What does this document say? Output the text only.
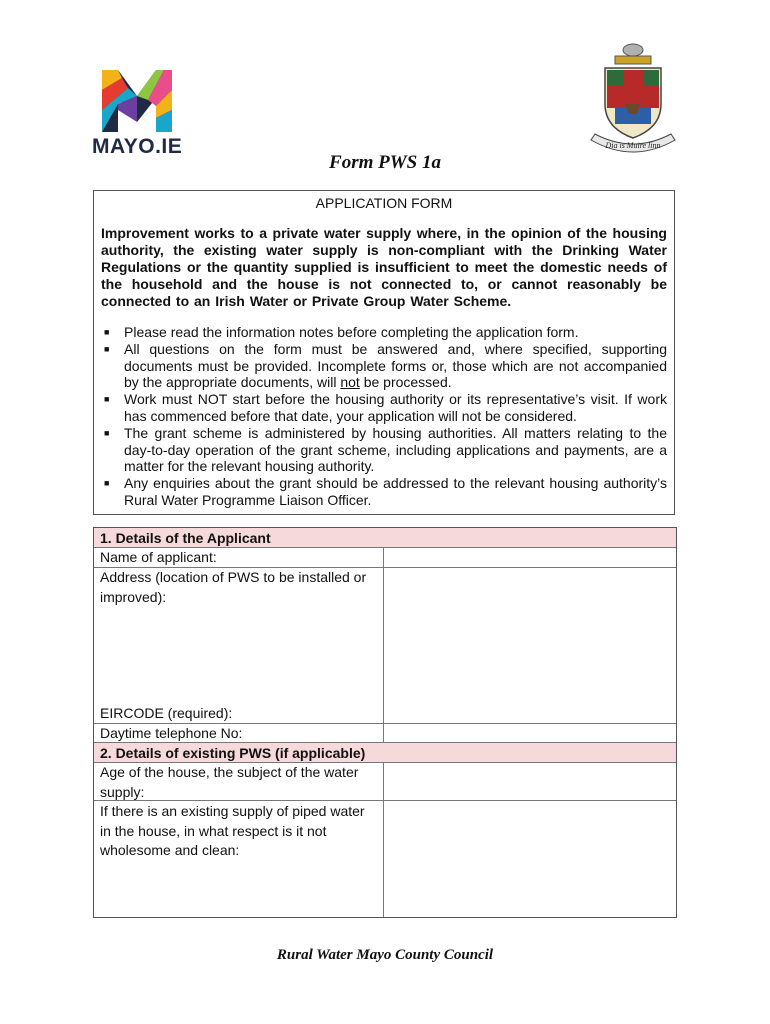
MAYO.IE	Dia is Muire linn
Form PWS 1a
APPLICATION FORM
Improvement works to a private water supply where, in the opinion of the housing authority, the existing water supply is non-compliant with the Drinking Water Regulations or the quantity supplied is insufficient to meet the domestic needs of the household and the house is not connected to, or cannot reasonably be connected to an Irish Water or Private Group Water Scheme.
■ Please read the information notes before completing the application form.
■ All questions on the form must be answered and, where specified, supporting documents must be provided. Incomplete forms or, those which are not accompanied by the appropriate documents, will not be processed.
■ Work must NOT start before the housing authority or its representative’s visit. If work has commenced before that date, your application will not be considered.
■ The grant scheme is administered by housing authorities. All matters relating to the day-to-day operation of the grant scheme, including applications and payments, are a matter for the relevant housing authority.
■ Any enquiries about the grant should be addressed to the relevant housing authority’s Rural Water Programme Liaison Officer.
1. Details of the Applicant
Name of applicant:
Address (location of PWS to be installed or improved):
EIRCODE (required):
Daytime telephone No:
2. Details of existing PWS (if applicable)
Age of the house, the subject of the water supply:
If there is an existing supply of piped water in the house, in what respect is it not wholesome and clean:
Rural Water Mayo County Council
